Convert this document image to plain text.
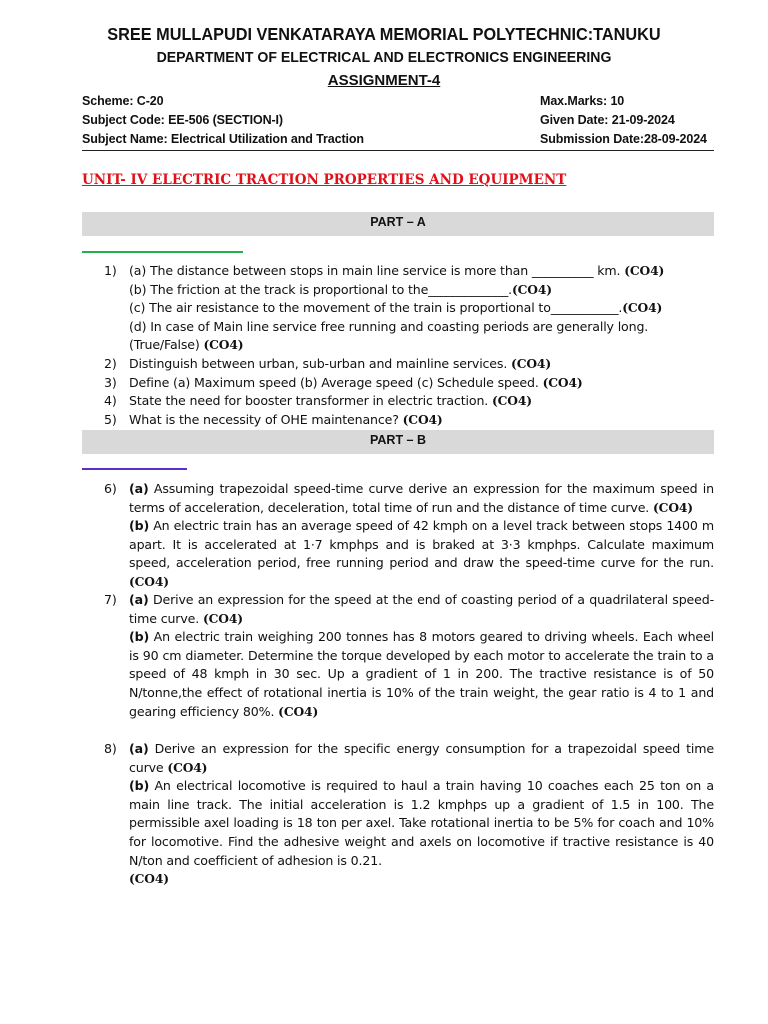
SREE MULLAPUDI VENKATARAYA MEMORIAL POLYTECHNIC:TANUKU
DEPARTMENT OF ELECTRICAL AND ELECTRONICS ENGINEERING
ASSIGNMENT-4
Scheme: C-20
Subject Code: EE-506 (SECTION-I)
Subject Name: Electrical Utilization and Traction
Max.Marks: 10
Given Date: 21-09-2024
Submission Date:28-09-2024
UNIT- IV ELECTRIC TRACTION PROPERTIES AND EQUIPMENT
PART – A
1) (a) The distance between stops in main line service is more than __________ km. (CO4)
(b) The friction at the track is proportional to the_____________.(CO4)
(c) The air resistance to the movement of the train is proportional to___________.(CO4)
(d) In case of Main line service free running and coasting periods are generally long.
(True/False) (CO4)
2) Distinguish between urban, sub-urban and mainline services. (CO4)
3) Define (a) Maximum speed (b) Average speed (c) Schedule speed. (CO4)
4) State the need for booster transformer in electric traction. (CO4)
5) What is the necessity of OHE maintenance? (CO4)
PART – B
6) (a) Assuming trapezoidal speed-time curve derive an expression for the maximum speed in terms of acceleration, deceleration, total time of run and the distance of time curve. (CO4)
(b) An electric train has an average speed of 42 kmph on a level track between stops 1400 m apart. It is accelerated at 1·7 kmphps and is braked at 3·3 kmphps. Calculate maximum speed, acceleration period, free running period and draw the speed-time curve for the run. (CO4)
7) (a) Derive an expression for the speed at the end of coasting period of a quadrilateral speed-time curve. (CO4)
(b) An electric train weighing 200 tonnes has 8 motors geared to driving wheels. Each wheel is 90 cm diameter. Determine the torque developed by each motor to accelerate the train to a speed of 48 kmph in 30 sec. Up a gradient of 1 in 200. The tractive resistance is of 50 N/tonne,the effect of rotational inertia is 10% of the train weight, the gear ratio is 4 to 1 and gearing efficiency 80%. (CO4)
8) (a) Derive an expression for the specific energy consumption for a trapezoidal speed time curve (CO4)
(b) An electrical locomotive is required to haul a train having 10 coaches each 25 ton on a main line track. The initial acceleration is 1.2 kmphps up a gradient of 1.5 in 100. The permissible axel loading is 18 ton per axel. Take rotational inertia to be 5% for coach and 10% for locomotive. Find the adhesive weight and axels on locomotive if tractive resistance is 40 N/ton and coefficient of adhesion is 0.21.
(CO4)
